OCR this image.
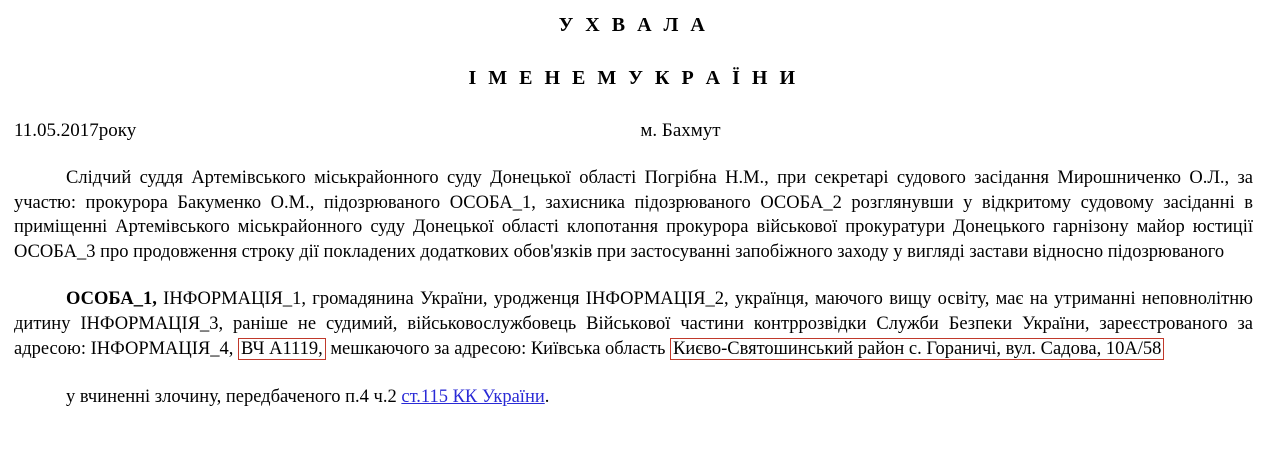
У Х В А Л А
І М Е Н Е М У К Р А Ї Н И
11.05.2017року	м. Бахмут

Слідчий суддя Артемівського міськрайонного суду Донецької області Погрібна Н.М., при секретарі судового засідання Мирошниченко О.Л., за участю: прокурора Бакуменко О.М., підозрюваного ОСОБА_1, захисника підозрюваного ОСОБА_2 розглянувши у відкритому судовому засіданні в приміщенні Артемівського міськрайонного суду Донецької області клопотання прокурора військової прокуратури Донецького гарнізону майор юстиції ОСОБА_3 про продовження строку дії покладених додаткових обов'язків при застосуванні запобіжного заходу у вигляді застави відносно підозрюваного

ОСОБА_1, ІНФОРМАЦІЯ_1, громадянина України, уродженця ІНФОРМАЦІЯ_2, українця, маючого вищу освіту, має на утриманні неповнолітню дитину ІНФОРМАЦІЯ_3, раніше не судимий, військовослужбовець Військової частини контррозвідки Служби Безпеки України, зареєстрованого за адресою: ІНФОРМАЦІЯ_4, ВЧ А1119, мешкаючого за адресою: Київська область Києво-Святошинський район с. Гораничі, вул. Садова, 10А/58

у вчиненні злочину, передбаченого п.4 ч.2 ст.115 КК України.
